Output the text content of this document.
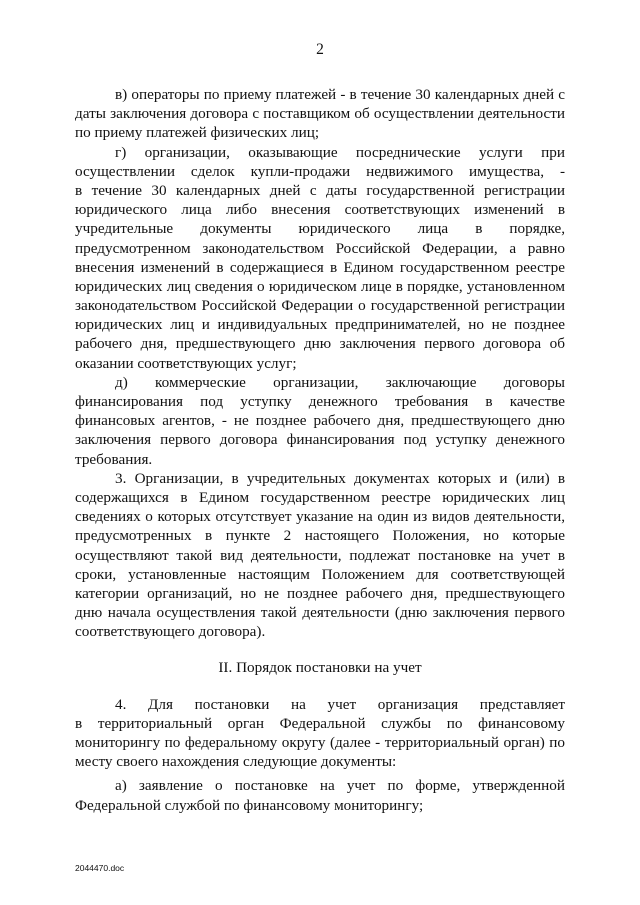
2
в) операторы по приему платежей - в течение 30 календарных дней с
даты заключения договора с поставщиком об осуществлении деятельности
по приему платежей физических лиц;
г) организации, оказывающие посреднические услуги при
осуществлении сделок купли-продажи недвижимого имущества, -
в течение 30 календарных дней с даты государственной регистрации
юридического лица либо внесения соответствующих изменений в
учредительные документы юридического лица в порядке,
предусмотренном законодательством Российской Федерации, а равно
внесения изменений в содержащиеся в Едином государственном реестре
юридических лиц сведения о юридическом лице в порядке, установленном
законодательством Российской Федерации о государственной регистрации
юридических лиц и индивидуальных предпринимателей, но не позднее
рабочего дня, предшествующего дню заключения первого договора об
оказании соответствующих услуг;
д) коммерческие организации, заключающие договоры
финансирования под уступку денежного требования в качестве
финансовых агентов, - не позднее рабочего дня, предшествующего дню
заключения первого договора финансирования под уступку денежного
требования.
3. Организации, в учредительных документах которых и (или) в
содержащихся в Едином государственном реестре юридических лиц
сведениях о которых отсутствует указание на один из видов деятельности,
предусмотренных в пункте 2 настоящего Положения, но которые
осуществляют такой вид деятельности, подлежат постановке на учет в
сроки, установленные настоящим Положением для соответствующей
категории организаций, но не позднее рабочего дня, предшествующего
дню начала осуществления такой деятельности (дню заключения первого
соответствующего договора).
II. Порядок постановки на учет
4. Для постановки на учет организация представляет
в территориальный орган Федеральной службы по финансовому
мониторингу по федеральному округу (далее - территориальный орган) по
месту своего нахождения следующие документы:
а) заявление о постановке на учет по форме, утвержденной
Федеральной службой по финансовому мониторингу;
2044470.doc
